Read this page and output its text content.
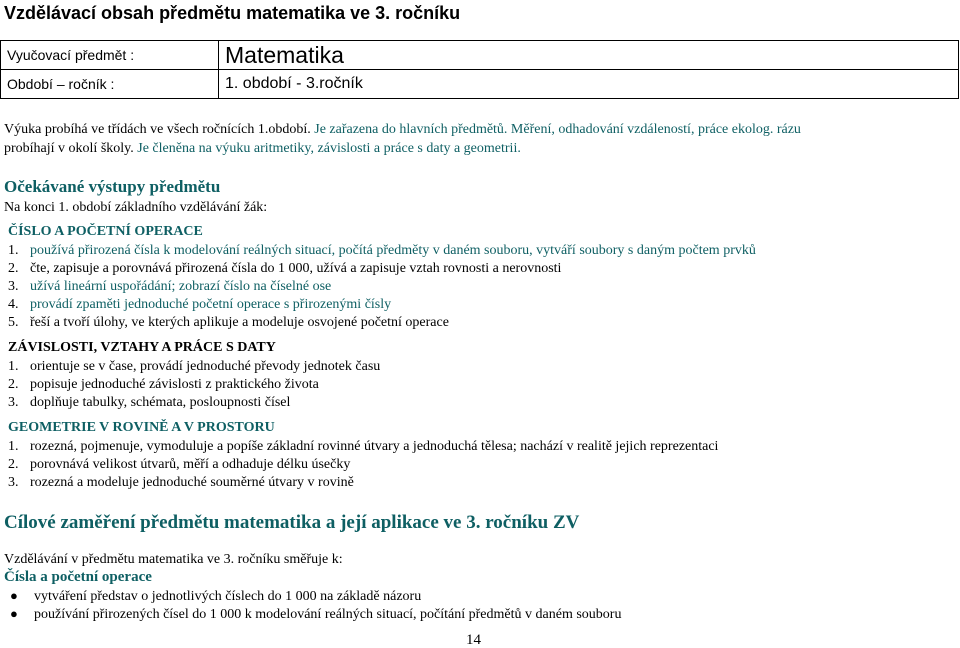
Vzdělávací obsah předmětu matematika ve 3. ročníku
Vyučovací předmět :	Matematika
Období – ročník :	1. období - 3.ročník
Výuka probíhá ve třídách ve všech ročnících 1.období. Je zařazena do hlavních předmětů. Měření, odhadování vzdáleností, práce ekolog. rázu
probíhají v okolí školy. Je členěna na výuku aritmetiky, závislosti a práce s daty a geometrii.
Očekávané výstupy předmětu
Na konci 1. období základního vzdělávání žák:
ČÍSLO A POČETNÍ OPERACE
1. používá přirozená čísla k modelování reálných situací, počítá předměty v daném souboru, vytváří soubory s daným počtem prvků
2. čte, zapisuje a porovnává přirozená čísla do 1 000, užívá a zapisuje vztah rovnosti a nerovnosti
3. užívá lineární uspořádání; zobrazí číslo na číselné ose
4. provádí zpaměti jednoduché početní operace s přirozenými čísly
5. řeší a tvoří úlohy, ve kterých aplikuje a modeluje osvojené početní operace
ZÁVISLOSTI, VZTAHY A PRÁCE S DATY
1. orientuje se v čase, provádí jednoduché převody jednotek času
2. popisuje jednoduché závislosti z praktického života
3. doplňuje tabulky, schémata, posloupnosti čísel
GEOMETRIE V ROVINĚ A V PROSTORU
1. rozezná, pojmenuje, vymoduluje a popíše základní rovinné útvary a jednoduchá tělesa; nachází v realitě jejich reprezentaci
2. porovnává velikost útvarů, měří a odhaduje délku úsečky
3. rozezná a modeluje jednoduché souměrné útvary v rovině
Cílové zaměření předmětu matematika a její aplikace ve 3. ročníku ZV
Vzdělávání v předmětu matematika ve 3. ročníku směřuje k:
Čísla a početní operace
● vytváření představ o jednotlivých číslech do 1 000 na základě názoru
● používání přirozených čísel do 1 000 k modelování reálných situací, počítání předmětů v daném souboru
14
